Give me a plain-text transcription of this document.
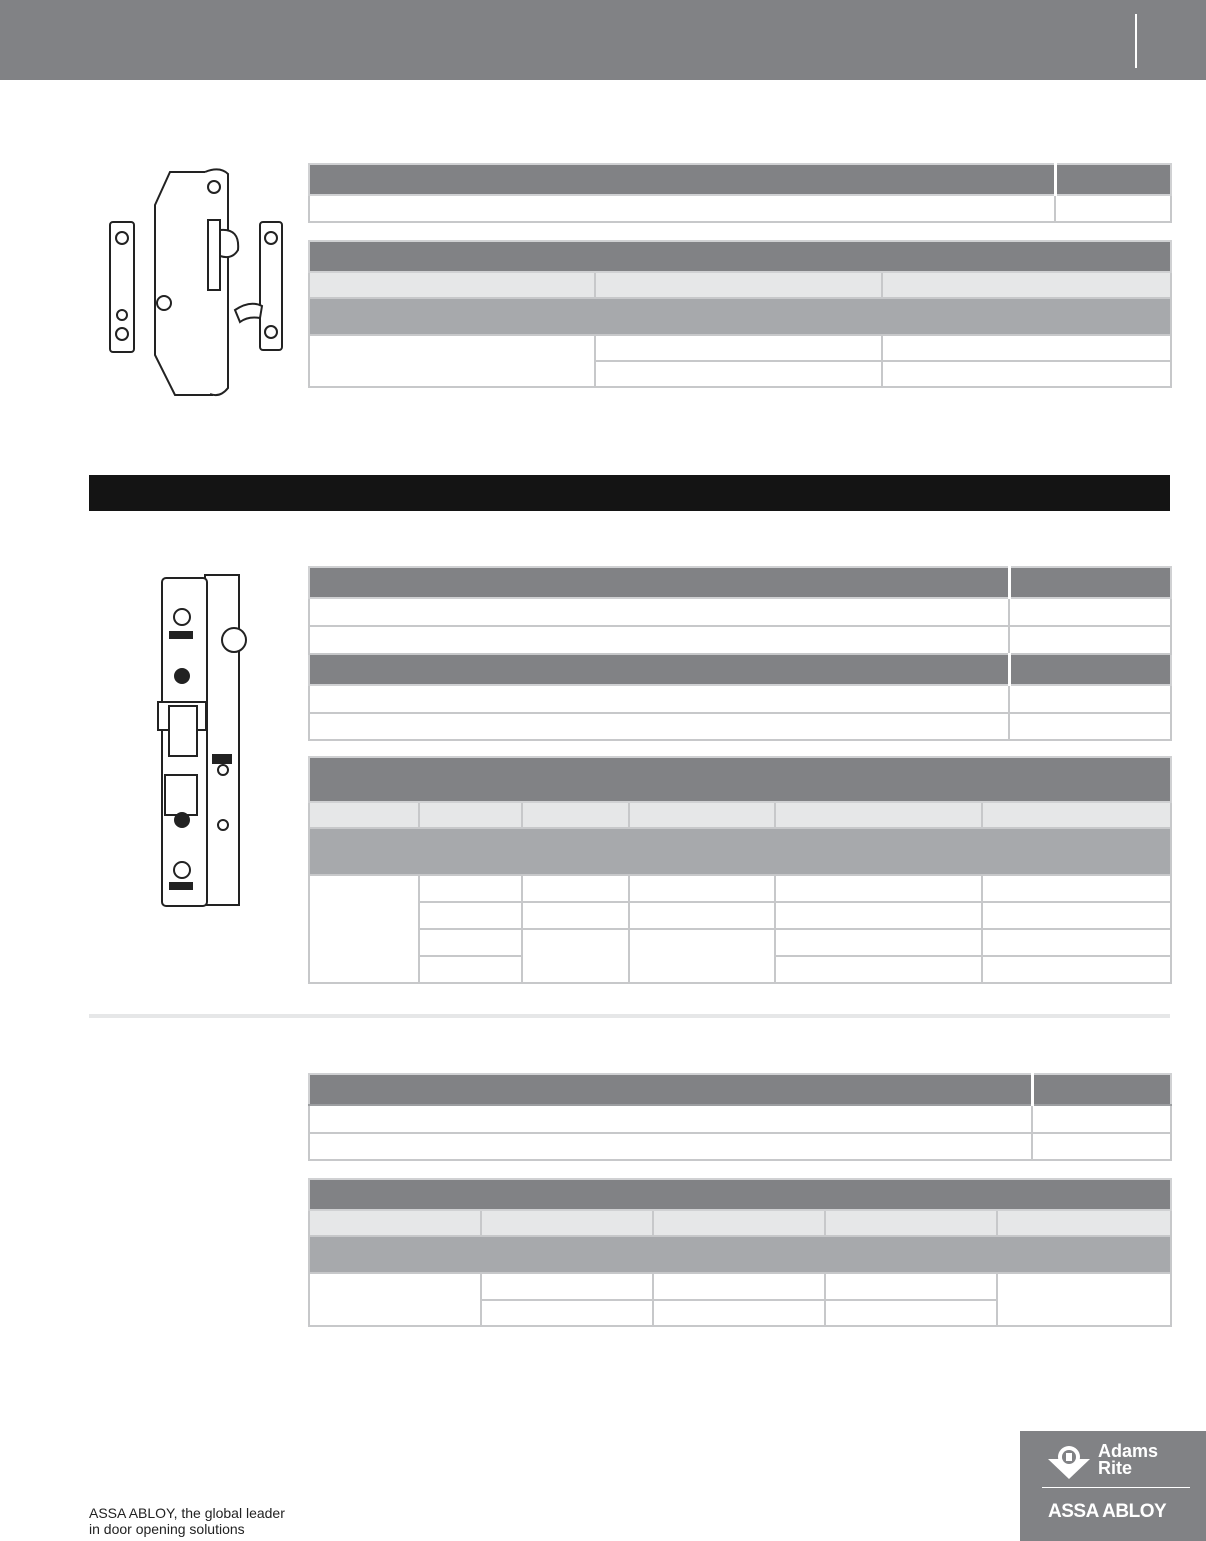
ASSA ABLOY, the global leader
in door opening solutions
Adams
Rite
ASSA ABLOY
